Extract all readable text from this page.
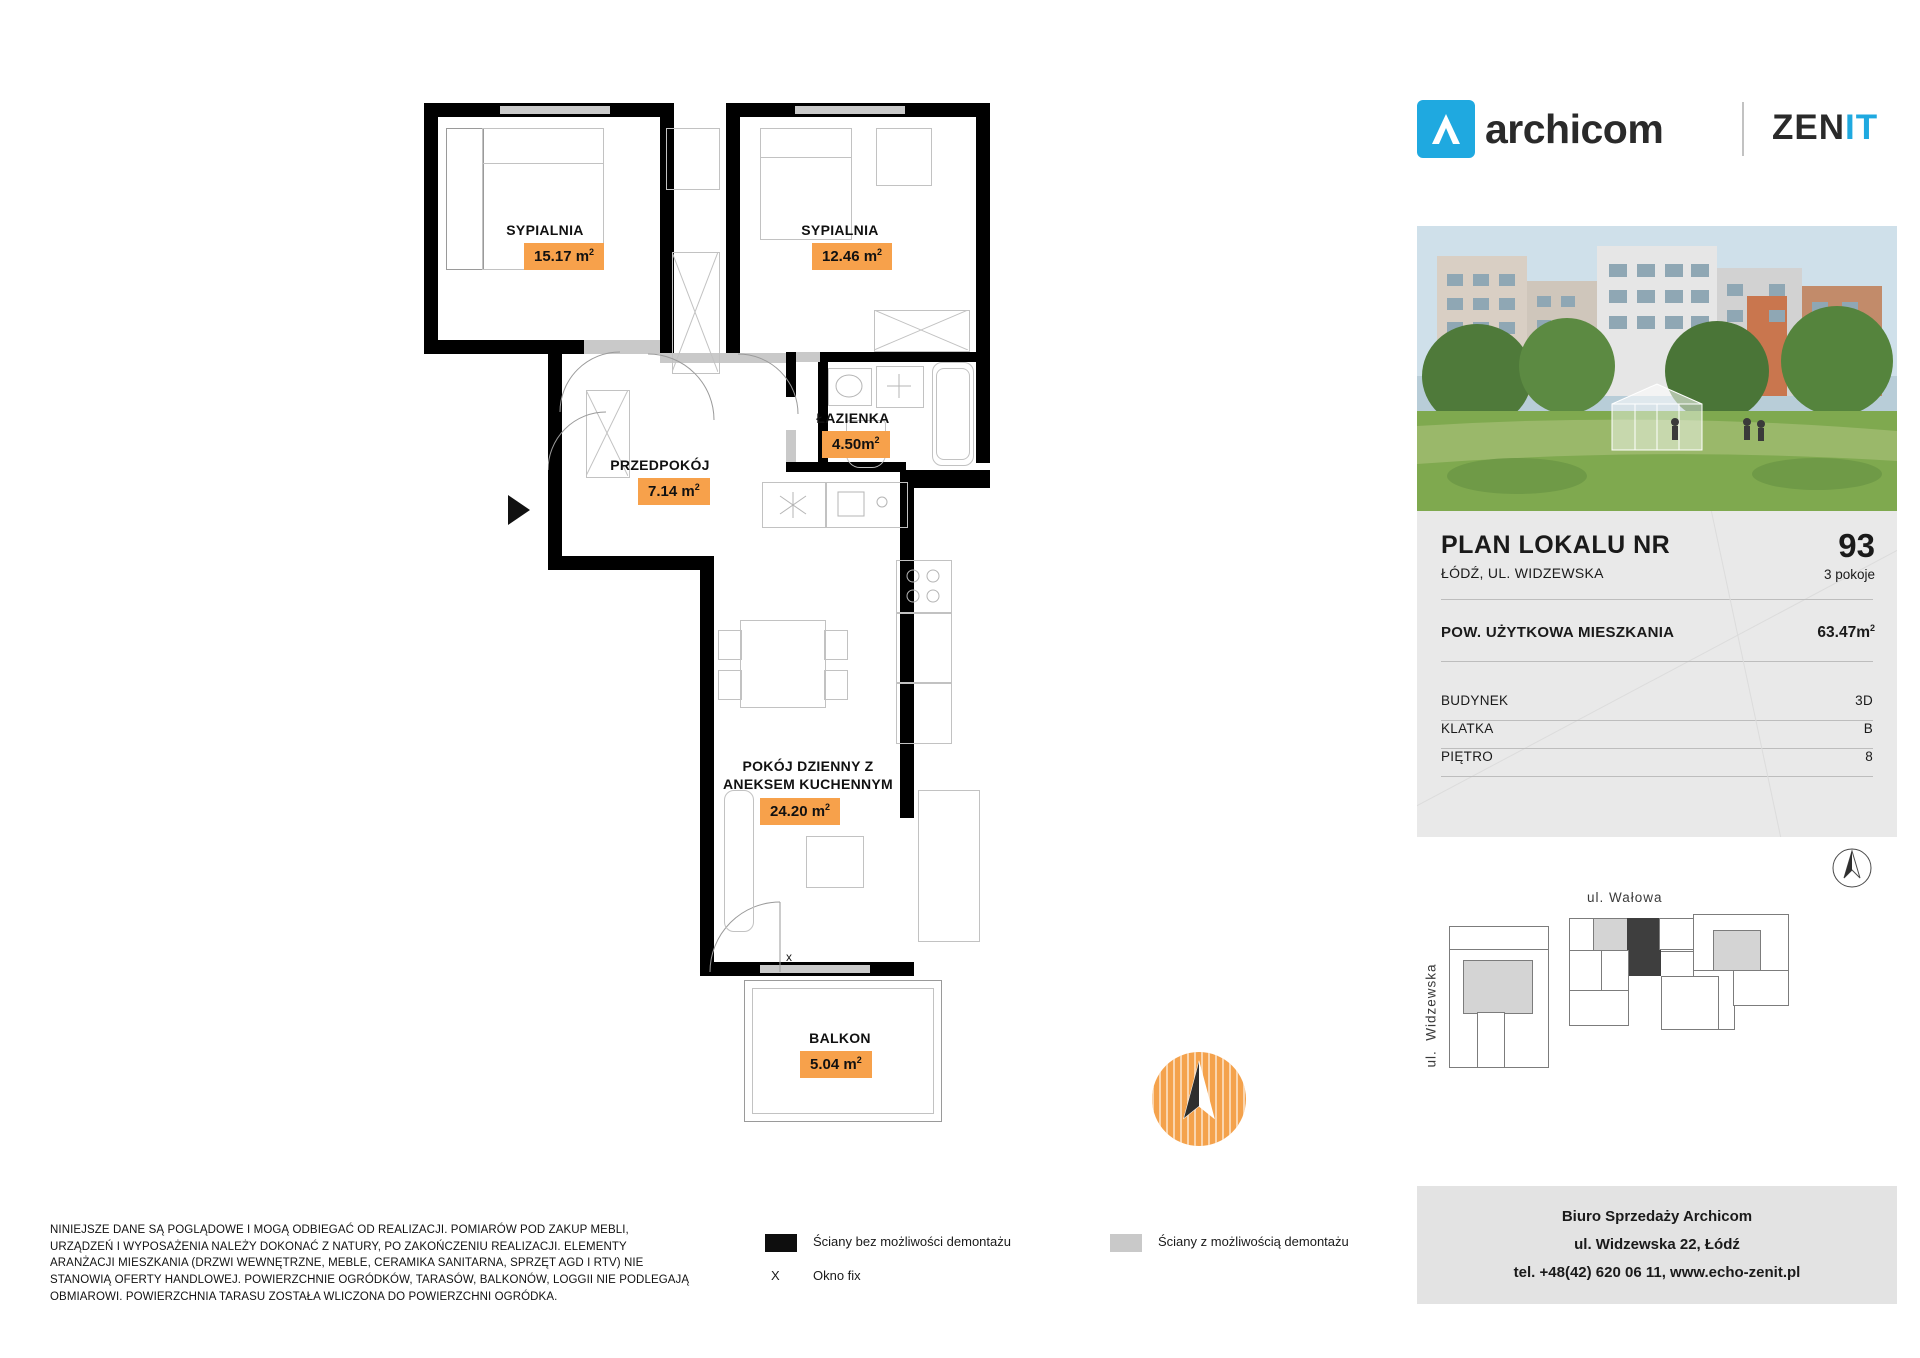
SYPIALNIA
15.17 $m^2$
SYPIALNIA
12.46 $m^2$
ŁAZIENKA
$4.50m^2$
PRZEDPOKÓJ
7.14 $m^2$
POKÓJ DZIENNY Z
ANEKSEM KUCHENNYM
24.20 $m^2$
BALKON
5.04 $m^2$
x
NINIEJSZE DANE SĄ POGLĄDOWE I MOGĄ ODBIEGAĆ OD REALIZACJI. POMIARÓW POD ZAKUP MEBLI, URZĄDZEŃ I WYPOSAŻENIA NALEŻY DOKONAĆ Z NATURY, PO ZAKOŃCZENIU REALIZACJI. ELEMENTY ARANŻACJI MIESZKANIA (DRZWI WEWNĘTRZNE, MEBLE, CERAMIKA SANITARNA, SPRZĘT AGD I RTV) NIE STANOWIĄ OFERTY HANDLOWEJ. POWIERZCHNIE OGRÓDKÓW, TARASÓW, BALKONÓW, LOGGII NIE PODLEGAJĄ OBMIAROWI. POWIERZCHNIA TARASU ZOSTAŁA WLICZONA DO POWIERZCHNI OGRÓDKA.
Ściany bez możliwości demontażu	Ściany z możliwością demontażu
X	Okno fix
archicom	ZENIT
PLAN LOKALU NR	93
ŁÓDŹ, UL. WIDZEWSKA	3 pokoje
POW. UŻYTKOWA MIESZKANIA	$63.47m^2$
BUDYNEK	3D
KLATKA	B
PIĘTRO	8
ul. Wałowa
ul.  Widzewska
Biuro Sprzedaży Archicom
ul. Widzewska 22, Łódź
tel. +48(42) 620 06 11, www.echo-zenit.pl
